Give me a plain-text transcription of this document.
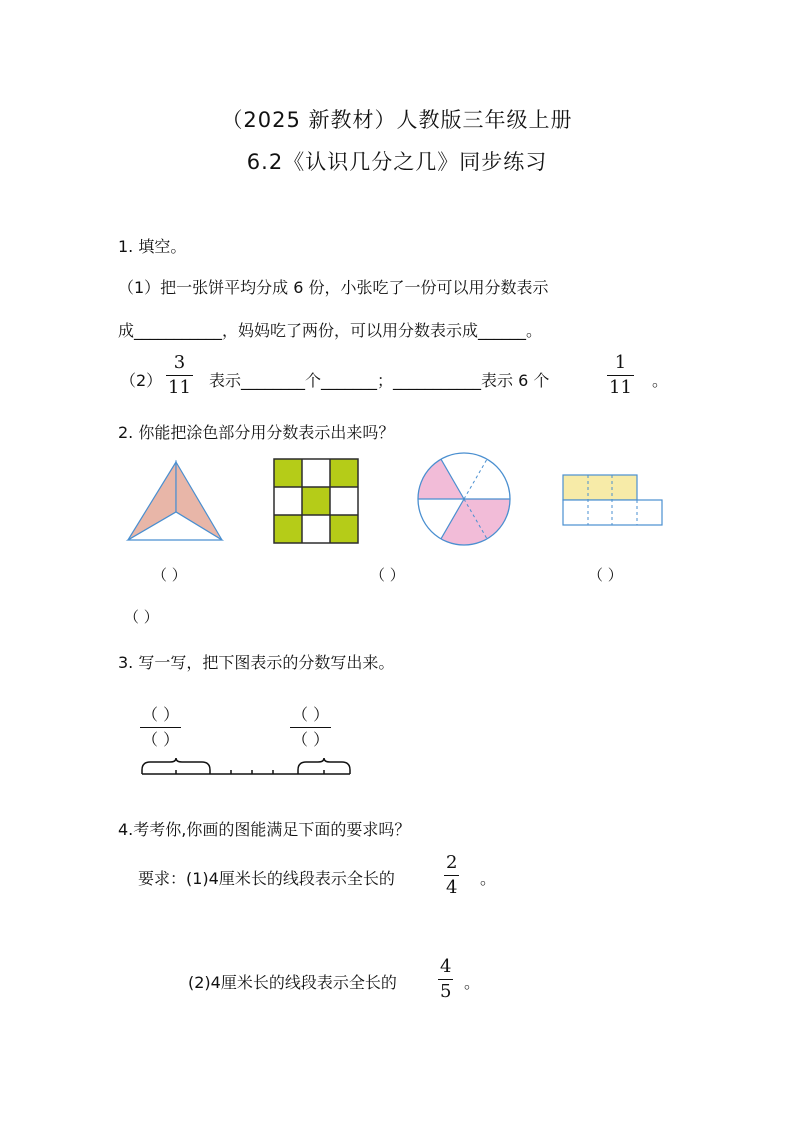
（2025 新教材）人教版三年级上册
6.2《认识几分之几》同步练习
1. 填空。
（1）把一张饼平均分成 6 份，小张吃了一份可以用分数表示
成___________，妈妈吃了两份，可以用分数表示成______。
（2）
3
11 表示________个_______；___________表示 6 个
1
11 。
2. 你能把涂色部分用分数表示出来吗？
（ ）	（ ）	（ ）
（ ）
3. 写一写，把下图表示的分数写出来。
（ ）
（ ）
（ ）
（ ）
4.考考你,你画的图能满足下面的要求吗？
要求：(1)4厘米长的线段表示全长的
2
4 。
(2)4厘米长的线段表示全长的
4
5 。
